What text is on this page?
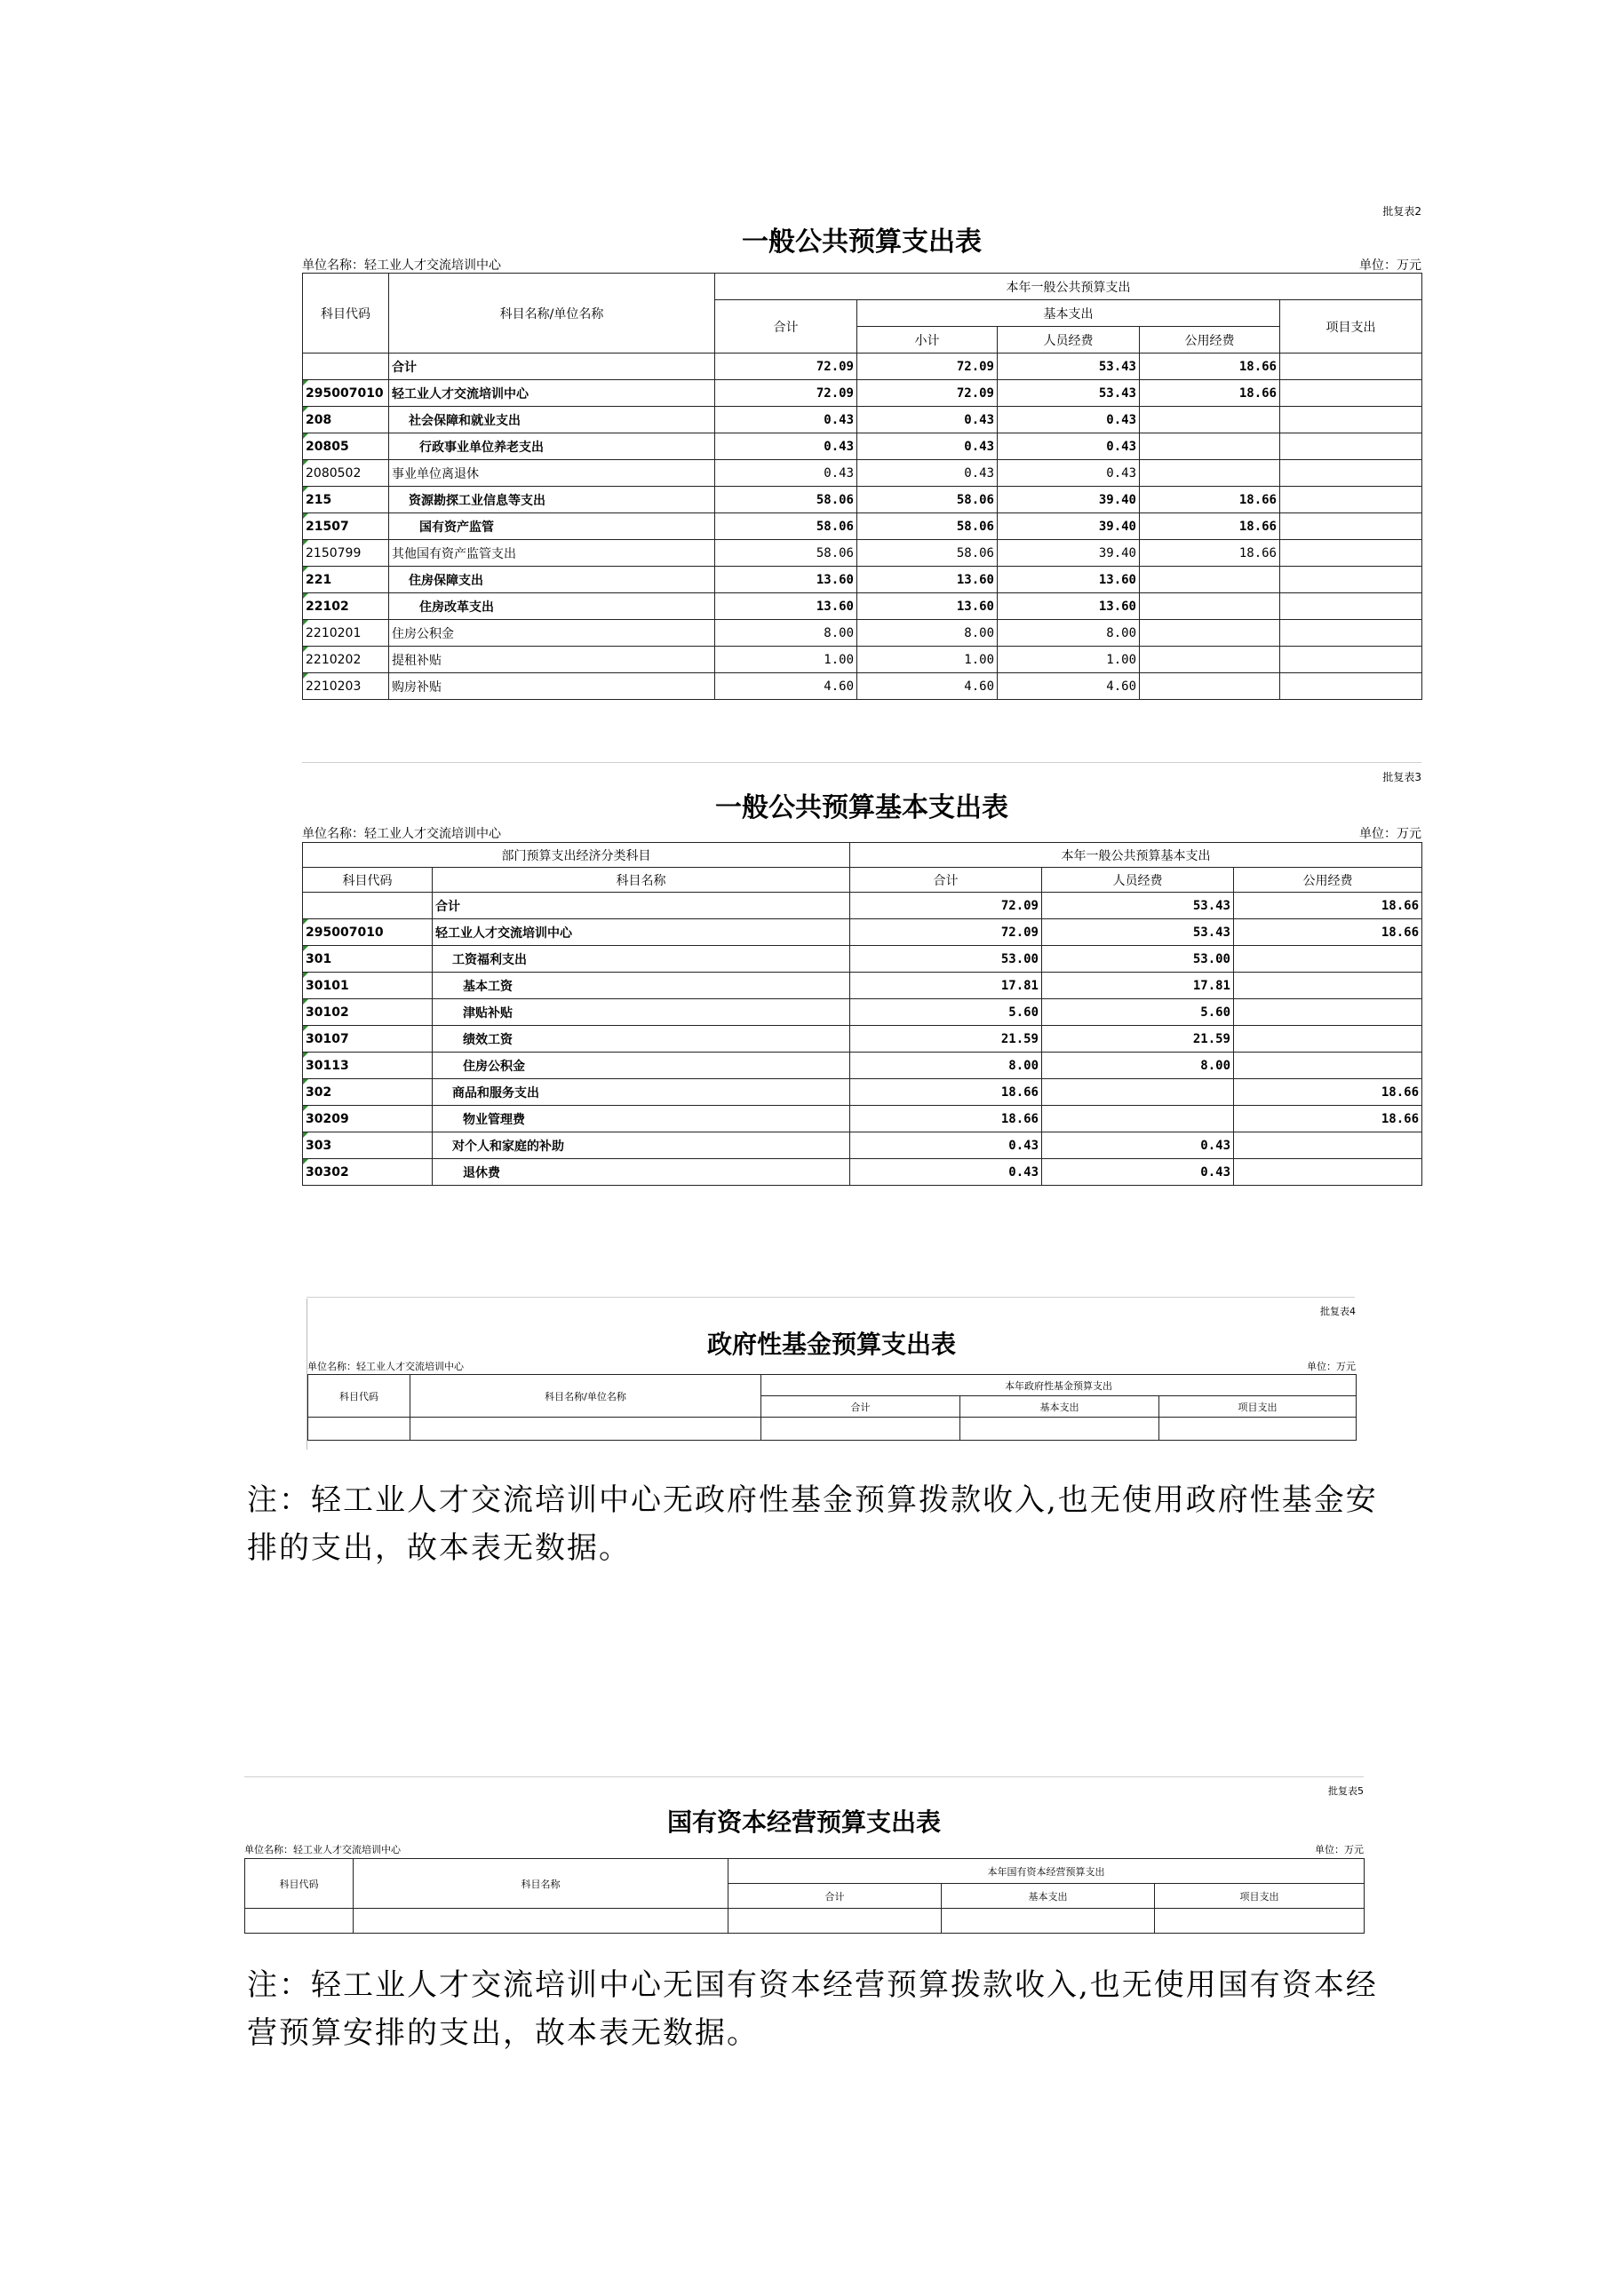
批复表2
一般公共预算支出表
单位名称：轻工业人才交流培训中心	单位：万元
科目代码	科目名称/单位名称	本年一般公共预算支出				
		合计	基本支出			项目支出
			小计	人员经费	公用经费	
	合计	72.09	72.09	53.43	18.66	
295007010	轻工业人才交流培训中心	72.09	72.09	53.43	18.66	
208	社会保障和就业支出	0.43	0.43	0.43		
20805	行政事业单位养老支出	0.43	0.43	0.43		
2080502	事业单位离退休	0.43	0.43	0.43		
215	资源勘探工业信息等支出	58.06	58.06	39.40	18.66	
21507	国有资产监管	58.06	58.06	39.40	18.66	
2150799	其他国有资产监管支出	58.06	58.06	39.40	18.66	
221	住房保障支出	13.60	13.60	13.60		
22102	住房改革支出	13.60	13.60	13.60		
2210201	住房公积金	8.00	8.00	8.00		
2210202	提租补贴	1.00	1.00	1.00		
2210203	购房补贴	4.60	4.60	4.60		
批复表3
一般公共预算基本支出表
单位名称：轻工业人才交流培训中心	单位：万元
部门预算支出经济分类科目		本年一般公共预算基本支出		
科目代码	科目名称	合计	人员经费	公用经费
	合计	72.09	53.43	18.66
295007010	轻工业人才交流培训中心	72.09	53.43	18.66
301	工资福利支出	53.00	53.00	
30101	基本工资	17.81	17.81	
30102	津贴补贴	5.60	5.60	
30107	绩效工资	21.59	21.59	
30113	住房公积金	8.00	8.00	
302	商品和服务支出	18.66		18.66
30209	物业管理费	18.66		18.66
303	对个人和家庭的补助	0.43	0.43	
30302	退休费	0.43	0.43	
批复表4
政府性基金预算支出表
单位名称：轻工业人才交流培训中心	单位：万元
科目代码	科目名称/单位名称	本年政府性基金预算支出		
		合计	基本支出	项目支出

注：轻工业人才交流培训中心无政府性基金预算拨款收入,也无使用政府性基金安排的支出，故本表无数据。
批复表5
国有资本经营预算支出表
单位名称：轻工业人才交流培训中心	单位：万元
科目代码	科目名称	本年国有资本经营预算支出		
		合计	基本支出	项目支出

注：轻工业人才交流培训中心无国有资本经营预算拨款收入,也无使用国有资本经营预算安排的支出，故本表无数据。
